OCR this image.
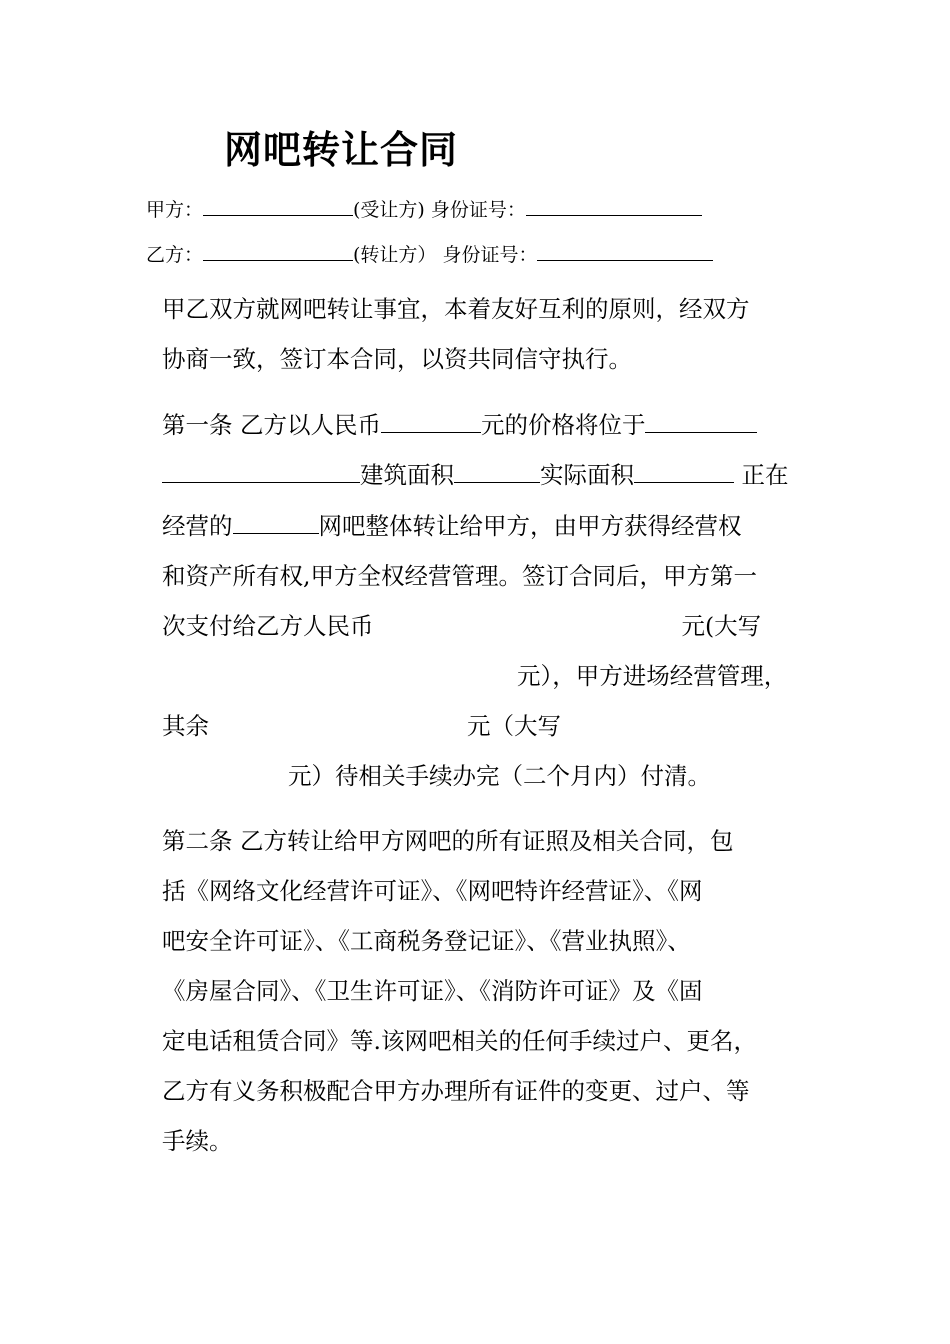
网吧转让合同
甲方：	(受让方) 身份证号：
乙方：	(转让方） 身份证号：
甲乙双方就网吧转让事宜，本着友好互利的原则，经双方
协商一致，签订本合同，以资共同信守执行。
第一条 乙方以人民币	元的价格将位于
建筑面积	实际面积	正在
经营的	网吧整体转让给甲方，由甲方获得经营权
和资产所有权,甲方全权经营管理。签订合同后，甲方第一
次支付给乙方人民币	元(大写
元），甲方进场经营管理，
其余	元（大写
元）待相关手续办完（二个月内）付清。
第二条 乙方转让给甲方网吧的所有证照及相关合同，包
括《网络文化经营许可证》、《网吧特许经营证》、《网
吧安全许可证》、《工商税务登记证》、《营业执照》、
《房屋合同》、《卫生许可证》、《消防许可证》及《固
定电话租赁合同》等.该网吧相关的任何手续过户、更名，
乙方有义务积极配合甲方办理所有证件的变更、过户、等
手续。
